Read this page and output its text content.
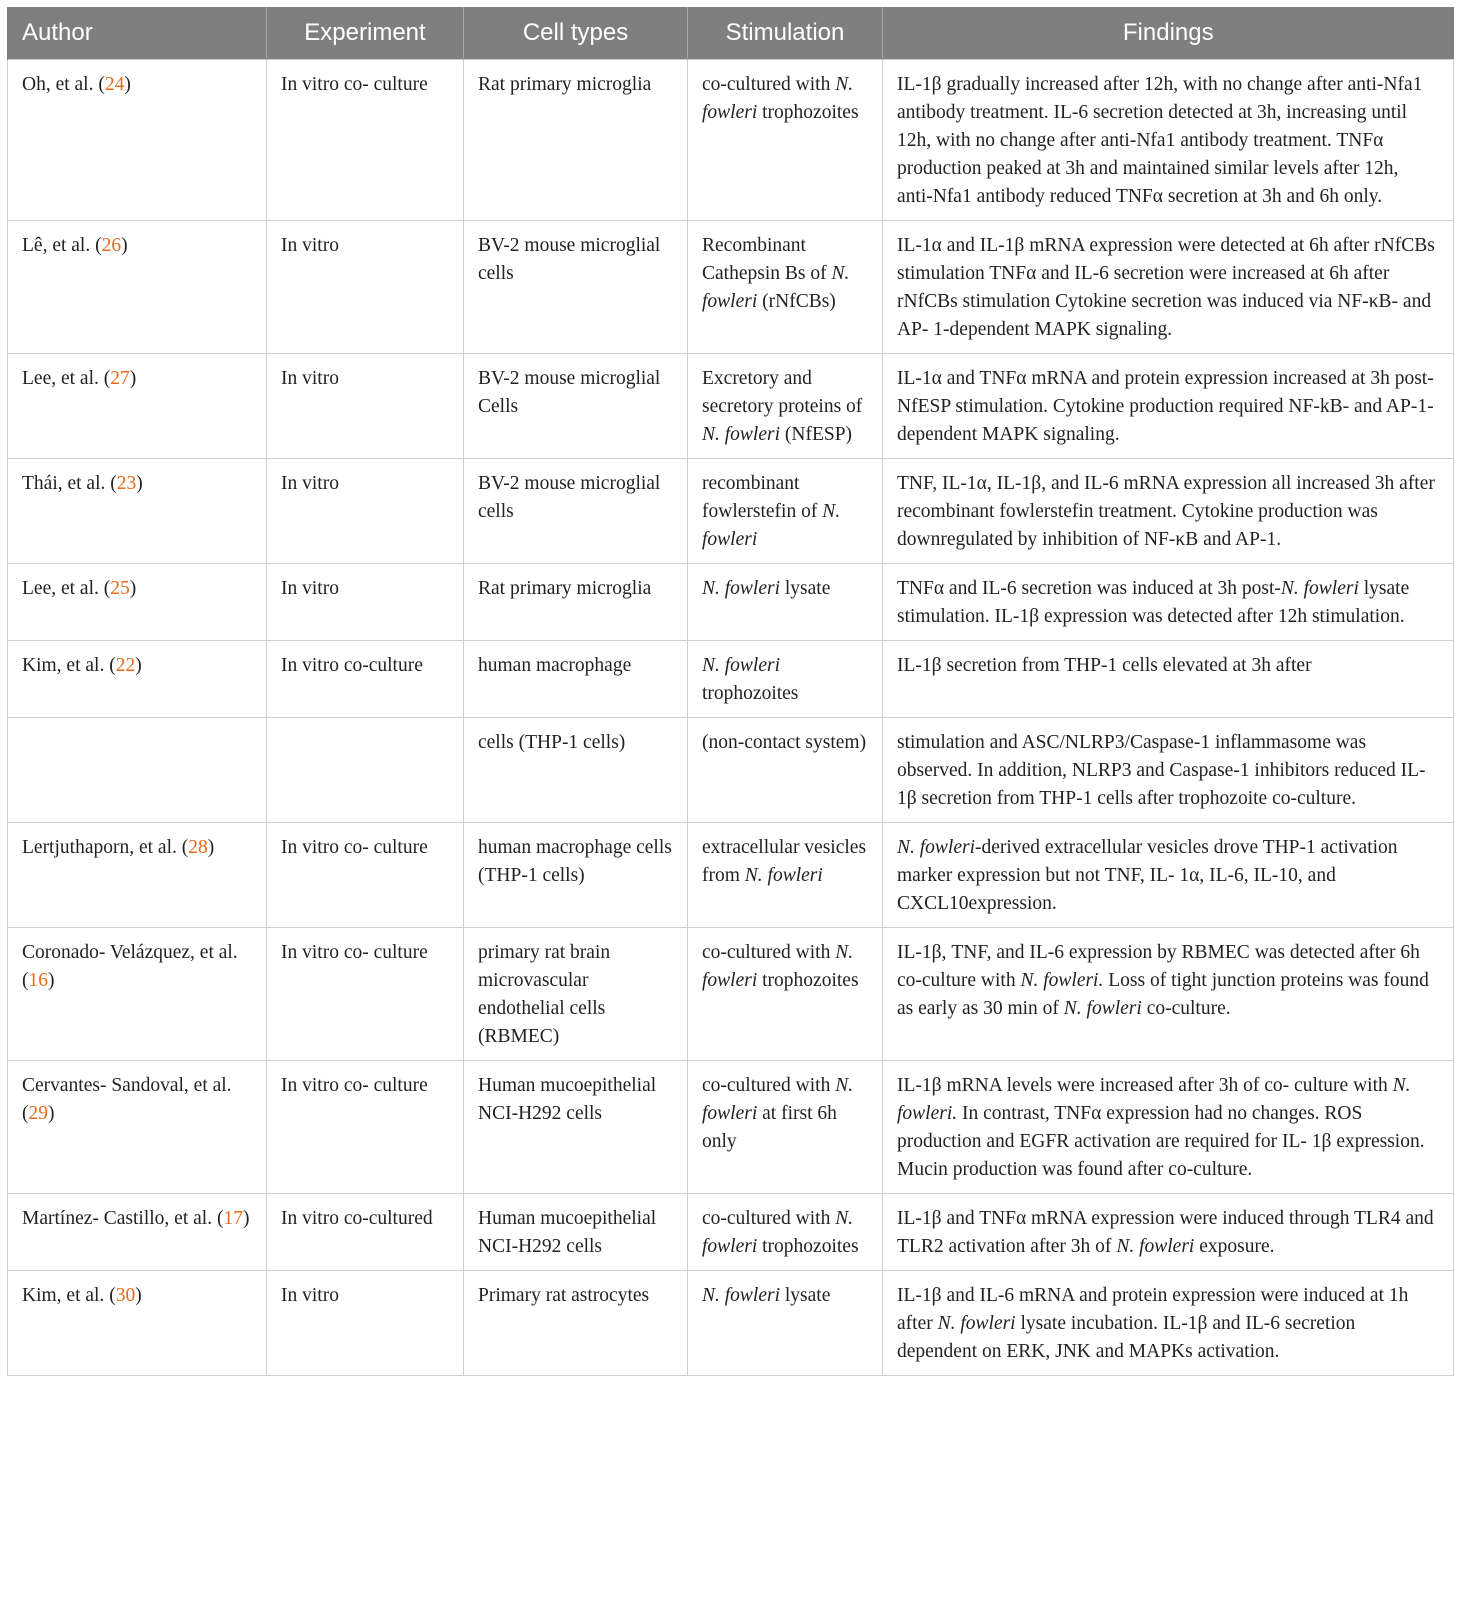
Author	Experiment	Cell types	Stimulation	Findings
Oh, et al. (24)	In vitro co- culture	Rat primary microglia	co-cultured with N. fowleri trophozoites	IL-1β gradually increased after 12h, with no change after anti-Nfa1 antibody treatment. IL-6 secretion detected at 3h, increasing until 12h, with no change after anti-Nfa1 antibody treatment. TNFα production peaked at 3h and maintained similar levels after 12h, anti-Nfa1 antibody reduced TNFα secretion at 3h and 6h only.
Lê, et al. (26)	In vitro	BV-2 mouse microglial cells	Recombinant Cathepsin Bs of N. fowleri (rNfCBs)	IL-1α and IL-1β mRNA expression were detected at 6h after rNfCBs stimulation TNFα and IL-6 secretion were increased at 6h after rNfCBs stimulation Cytokine secretion was induced via NF-κB- and AP- 1-dependent MAPK signaling.
Lee, et al. (27)	In vitro	BV-2 mouse microglial Cells	Excretory and secretory proteins of N. fowleri (NfESP)	IL-1α and TNFα mRNA and protein expression increased at 3h post-NfESP stimulation. Cytokine production required NF-kB- and AP-1-dependent MAPK signaling.
Thái, et al. (23)	In vitro	BV-2 mouse microglial cells	recombinant fowlerstefin of N. fowleri	TNF, IL-1α, IL-1β, and IL-6 mRNA expression all increased 3h after recombinant fowlerstefin treatment. Cytokine production was downregulated by inhibition of NF-κB and AP-1.
Lee, et al. (25)	In vitro	Rat primary microglia	N. fowleri lysate	TNFα and IL-6 secretion was induced at 3h post-N. fowleri lysate stimulation. IL-1β expression was detected after 12h stimulation.
Kim, et al. (22)	In vitro co-culture	human macrophage	N. fowleri trophozoites	IL-1β secretion from THP-1 cells elevated at 3h after
		cells (THP-1 cells)	(non-contact system)	stimulation and ASC/NLRP3/Caspase-1 inflammasome was observed. In addition, NLRP3 and Caspase-1 inhibitors reduced IL-1β secretion from THP-1 cells after trophozoite co-culture.
Lertjuthaporn, et al. (28)	In vitro co- culture	human macrophage cells (THP-1 cells)	extracellular vesicles from N. fowleri	N. fowleri-derived extracellular vesicles drove THP-1 activation marker expression but not TNF, IL- 1α, IL-6, IL-10, and CXCL10expression.
Coronado- Velázquez, et al. (16)	In vitro co- culture	primary rat brain microvascular endothelial cells (RBMEC)	co-cultured with N. fowleri trophozoites	IL-1β, TNF, and IL-6 expression by RBMEC was detected after 6h co-culture with N. fowleri. Loss of tight junction proteins was found as early as 30 min of N. fowleri co-culture.
Cervantes- Sandoval, et al. (29)	In vitro co- culture	Human mucoepithelial NCI-H292 cells	co-cultured with N. fowleri at first 6h only	IL-1β mRNA levels were increased after 3h of co- culture with N. fowleri. In contrast, TNFα expression had no changes. ROS production and EGFR activation are required for IL- 1β expression. Mucin production was found after co-culture.
Martínez- Castillo, et al. (17)	In vitro co-cultured	Human mucoepithelial NCI-H292 cells	co-cultured with N. fowleri trophozoites	IL-1β and TNFα mRNA expression were induced through TLR4 and TLR2 activation after 3h of N. fowleri exposure.
Kim, et al. (30)	In vitro	Primary rat astrocytes	N. fowleri lysate	IL-1β and IL-6 mRNA and protein expression were induced at 1h after N. fowleri lysate incubation. IL-1β and IL-6 secretion dependent on ERK, JNK and MAPKs activation.
